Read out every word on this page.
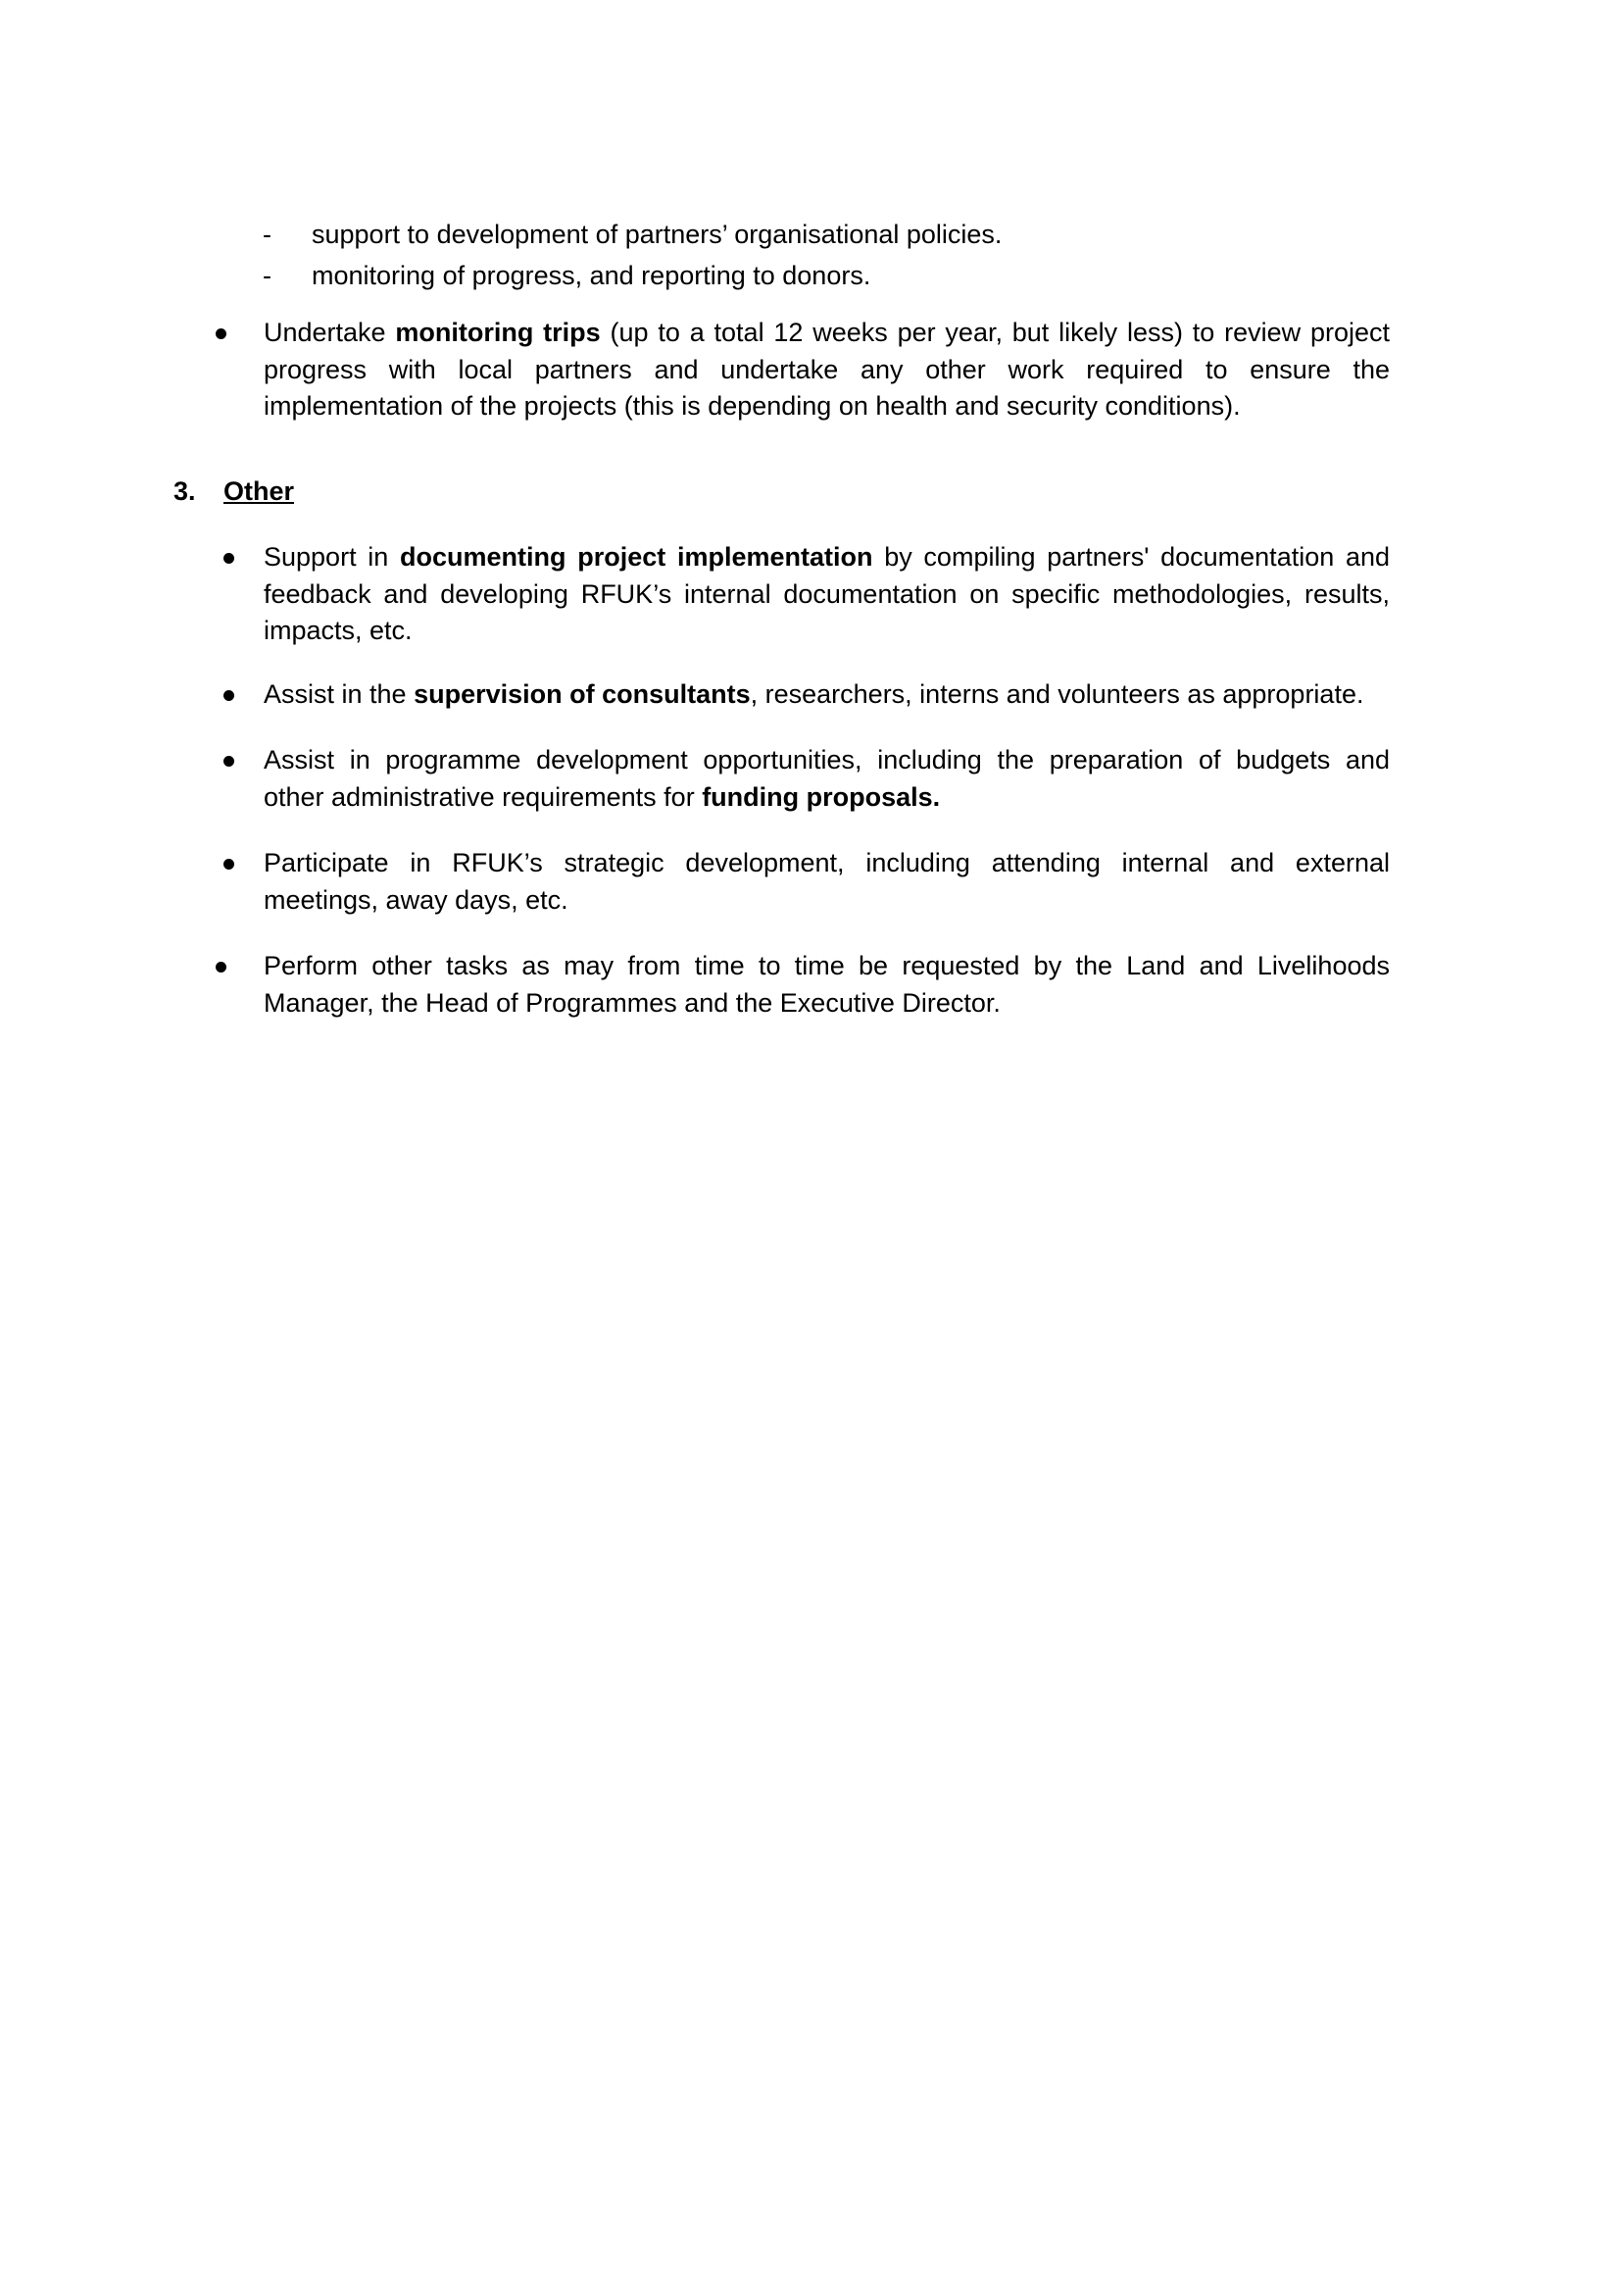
- support to development of partners’ organisational policies.
- monitoring of progress, and reporting to donors.
Undertake monitoring trips (up to a total 12 weeks per year, but likely less) to review project
progress with local partners and undertake any other work required to ensure the
implementation of the projects (this is depending on health and security conditions).
3. Other
Support in documenting project implementation by compiling partners' documentation and
feedback and developing RFUK’s internal documentation on specific methodologies, results,
impacts, etc.
Assist in the supervision of consultants, researchers, interns and volunteers as appropriate.
Assist in programme development opportunities, including the preparation of budgets and
other administrative requirements for funding proposals.
Participate in RFUK’s strategic development, including attending internal and external
meetings, away days, etc.
Perform other tasks as may from time to time be requested by the Land and Livelihoods
Manager, the Head of Programmes and the Executive Director.
